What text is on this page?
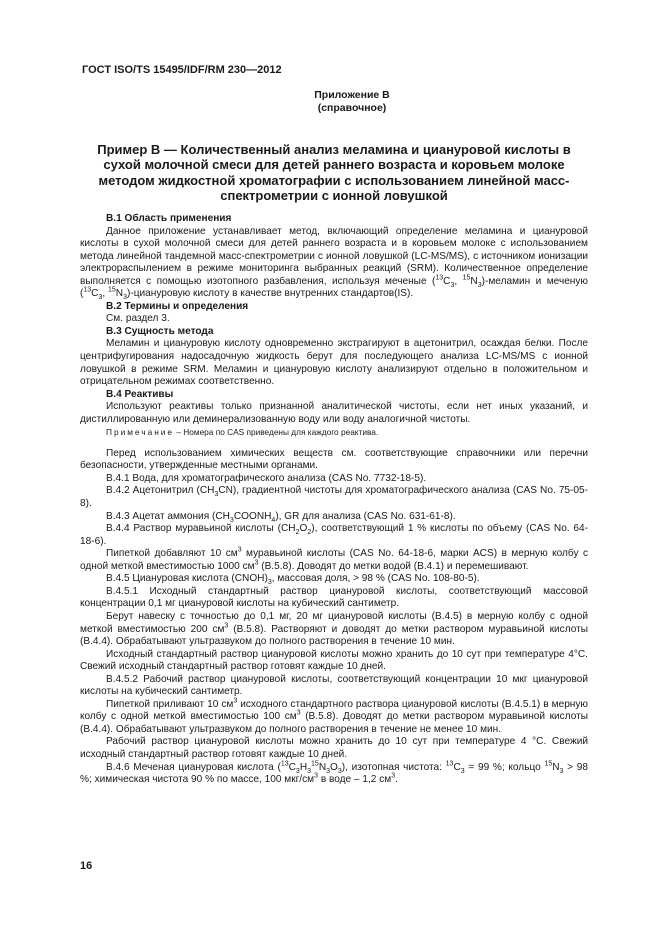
ГОСТ ISO/TS 15495/IDF/RM 230—2012
Приложение В
(справочное)
Пример В — Количественный анализ меламина и циануровой кислоты в сухой молочной смеси для детей раннего возраста и коровьем молоке методом жидкостной хроматографии с использованием линейной масс-спектрометрии с ионной ловушкой

В.1 Область применения

Данное приложение устанавливает метод, включающий определение меламина и циануровой кислоты в сухой молочной смеси для детей раннего возраста и в коровьем молоке с использованием метода линейной тандемной масс-спектрометрии с ионной ловушкой (LC-MS/MS), с источником ионизации электрораспылением в режиме мониторинга выбранных реакций (SRM). Количественное определение выполняется с помощью изотопного разбавления, используя меченые ($^{13}C_3$, $^{15}N_3$)-меламин и меченую ($^{13}C_3$, $^{15}N_3$)-циануровую кислоту в качестве внутренних стандартов(IS).

В.2 Термины и определения

См. раздел 3.

В.3 Сущность метода

Меламин и циануровую кислоту одновременно экстрагируют в ацетонитрил, осаждая белки. После центрифугирования надосадочную жидкость берут для последующего анализа LC-MS/MS с ионной ловушкой в режиме SRM. Меламин и циануровую кислоту анализируют отдельно в положительном и отрицательном режимах соответственно.

В.4 Реактивы

Используют реактивы только признанной аналитической чистоты, если нет иных указаний, и дистиллированную или деминерализованную воду или воду аналогичной чистоты.

Примечание – Номера по CAS приведены для каждого реактива.

Перед использованием химических веществ см. соответствующие справочники или перечни безопасности, утвержденные местными органами.

В.4.1 Вода, для хроматографического анализа (CAS No. 7732-18-5).

В.4.2 Ацетонитрил $(CH_3CN)$, градиентной чистоты для хроматографического анализа (CAS No. 75-05-8).

В.4.3 Ацетат аммония $(CH_3COONH_4)$, GR для анализа (CAS No. 631-61-8).

В.4.4 Раствор муравьиной кислоты $(CH_2O_2)$, соответствующий 1 % кислоты по объему (CAS No. 64-18-6).

Пипеткой добавляют 10 $см^3$ муравьиной кислоты (CAS No. 64-18-6, марки ACS) в мерную колбу с одной меткой вместимостью 1000 $см^3$ (В.5.8). Доводят до метки водой (В.4.1) и перемешивают.

В.4.5 Циануровая кислота $(CNOH)_3$, массовая доля, > 98 % (CAS No. 108-80-5).

В.4.5.1 Исходный стандартный раствор циануровой кислоты, соответствующий массовой концентрации 0,1 мг циануровой кислоты на кубический сантиметр.

Берут навеску с точностью до 0,1 мг, 20 мг циануровой кислоты (В.4.5) в мерную колбу с одной меткой вместимостью 200 $см^3$ (В.5.8). Растворяют и доводят до метки раствором муравьиной кислоты (В.4.4). Обрабатывают ультразвуком до полного растворения в течение 10 мин.

Исходный стандартный раствор циануровой кислоты можно хранить до 10 сут при температуре 4°С. Свежий исходный стандартный раствор готовят каждые 10 дней.

В.4.5.2 Рабочий раствор циануровой кислоты, соответствующий концентрации 10 мкг циануровой кислоты на кубический сантиметр.

Пипеткой приливают 10 $см^3$ исходного стандартного раствора циануровой кислоты (В.4.5.1) в мерную колбу с одной меткой вместимостью 100 $см^3$ (В.5.8). Доводят до метки раствором муравьиной кислоты (В.4.4). Обрабатывают ультразвуком до полного растворения в течение не менее 10 мин.

Рабочий раствор циануровой кислоты можно хранить до 10 сут при температуре 4 °С. Свежий исходный стандартный раствор готовят каждые 10 дней.

В.4.6 Меченая циануровая кислота $(^{13}C_3H_3^{15}N_3O_3)$, изотопная чистота: $^{13}C_3 = 99$ %; кольцо $^{15}N_3 > 98$ %; химическая чистота 90 % по массе, 100 мкг/$см^3$ в воде – 1,2 $см^3$.

16
